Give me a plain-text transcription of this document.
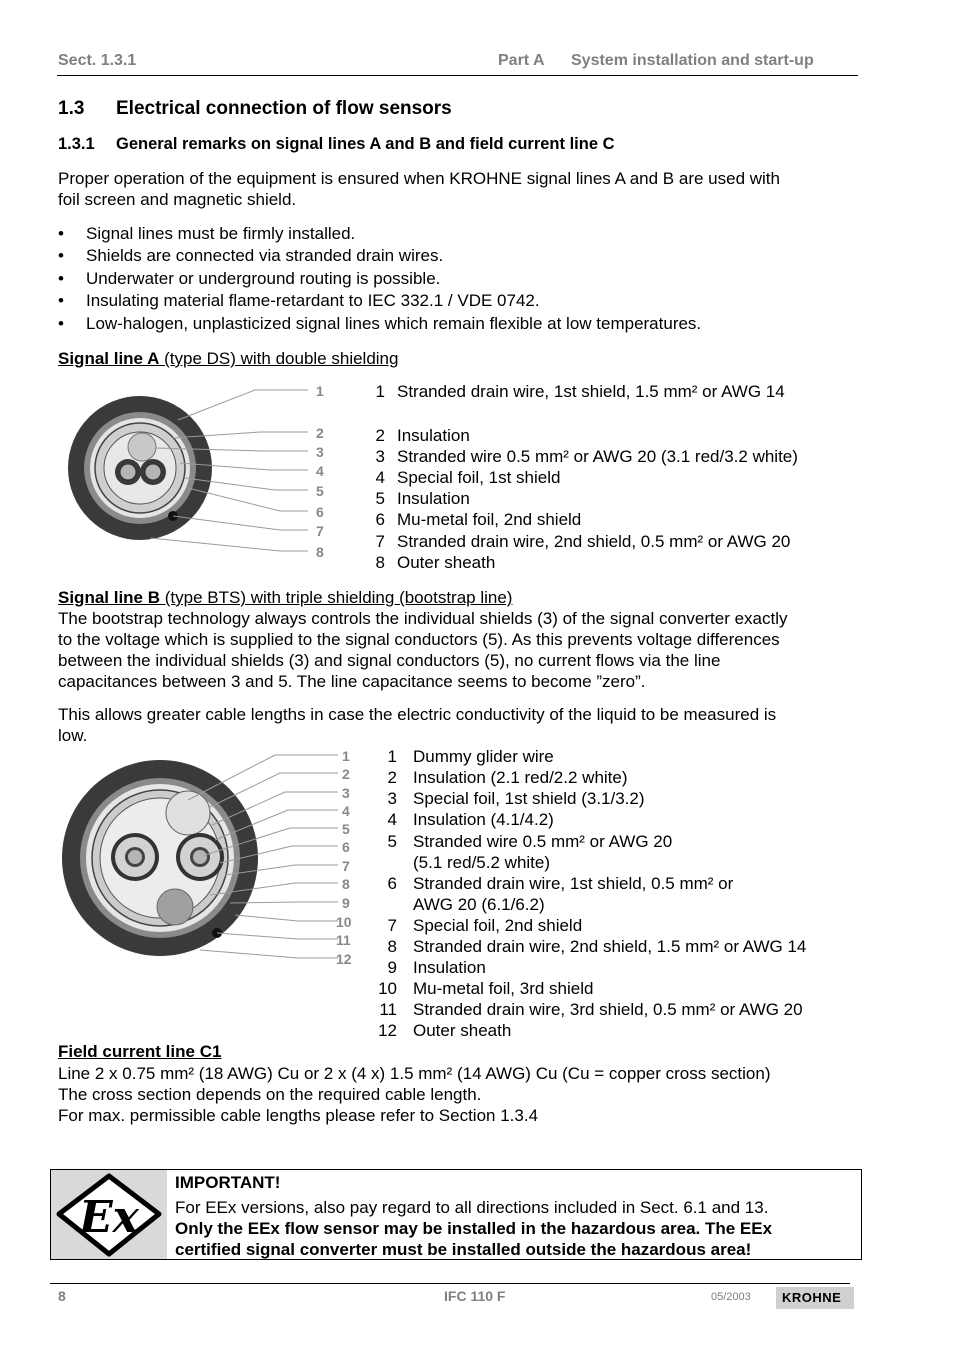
Sect. 1.3.1	Part A System installation and start-up
1.3 Electrical connection of flow sensors
1.3.1 General remarks on signal lines A and B and field current line C
Proper operation of the equipment is ensured when KROHNE signal lines A and B are used with
foil screen and magnetic shield.
• Signal lines must be firmly installed.
• Shields are connected via stranded drain wires.
• Underwater or underground routing is possible.
• Insulating material flame-retardant to IEC 332.1 / VDE 0742.
• Low-halogen, unplasticized signal lines which remain flexible at low temperatures.
Signal line A (type DS) with double shielding
1
2
3
4
5
6
7
8
1 Stranded drain wire, 1st shield, 1.5 mm² or AWG 14
2 Insulation
3 Stranded wire 0.5 mm² or AWG 20 (3.1 red/3.2 white)
4 Special foil, 1st shield
5 Insulation
6 Mu-metal foil, 2nd shield
7 Stranded drain wire, 2nd shield, 0.5 mm² or AWG 20
8 Outer sheath
Signal line B (type BTS) with triple shielding (bootstrap line)
The bootstrap technology always controls the individual shields (3) of the signal converter exactly
to the voltage which is supplied to the signal conductors (5). As this prevents voltage differences
between the individual shields (3) and signal conductors (5), no current flows via the line
capacitances between 3 and 5. The line capacitance seems to become ”zero”.
This allows greater cable lengths in case the electric conductivity of the liquid to be measured is
low.
1
2
3
4
5
6
7
8
9
10
11
12
1 Dummy glider wire
2 Insulation (2.1 red/2.2 white)
3 Special foil, 1st shield (3.1/3.2)
4 Insulation (4.1/4.2)
5 Stranded wire 0.5 mm² or AWG 20
(5.1 red/5.2 white)
6 Stranded drain wire, 1st shield, 0.5 mm² or
AWG 20 (6.1/6.2)
7 Special foil, 2nd shield
8 Stranded drain wire, 2nd shield, 1.5 mm² or AWG 14
9 Insulation
10 Mu-metal foil, 3rd shield
11 Stranded drain wire, 3rd shield, 0.5 mm² or AWG 20
12 Outer sheath
Field current line C1
Line 2 x 0.75 mm² (18 AWG) Cu or 2 x (4 x) 1.5 mm² (14 AWG) Cu (Cu = copper cross section)
The cross section depends on the required cable length.
For max. permissible cable lengths please refer to Section 1.3.4
Ex
IMPORTANT!
For EEx versions, also pay regard to all directions included in Sect. 6.1 and 13.
Only the EEx flow sensor may be installed in the hazardous area. The EEx
certified signal converter must be installed outside the hazardous area!
8	IFC 110 F	05/2003 KROHNE
